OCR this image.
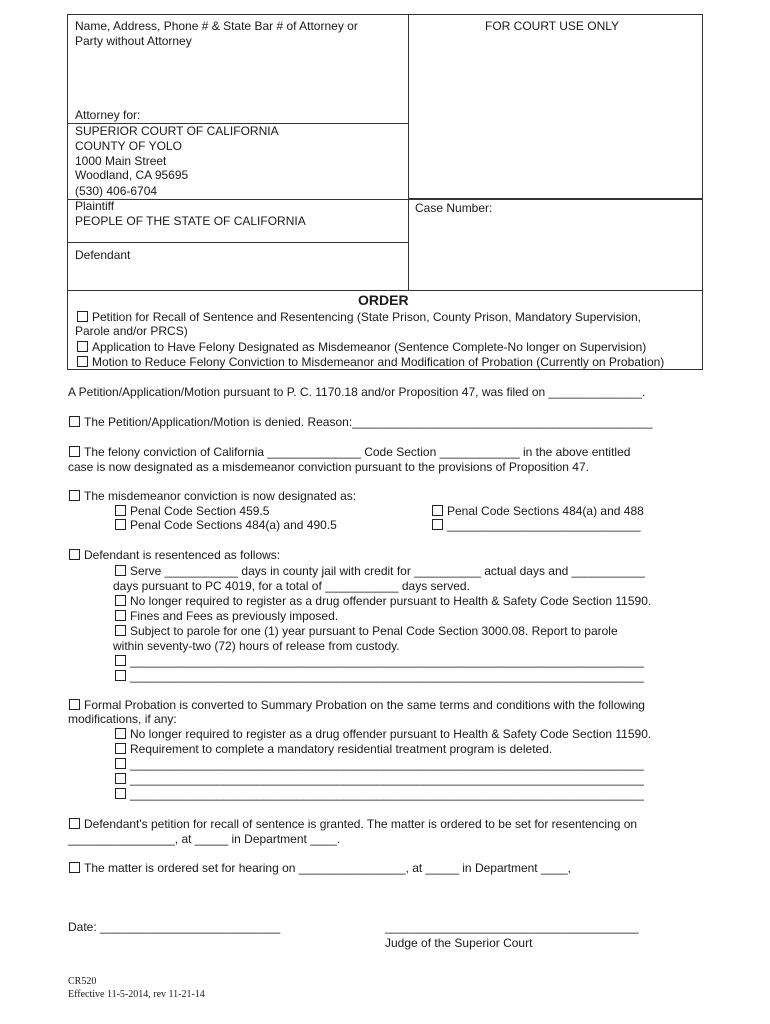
Name, Address, Phone # & State Bar # of Attorney or
Party without Attorney
FOR COURT USE ONLY
Attorney for:
SUPERIOR COURT OF CALIFORNIA
COUNTY OF YOLO
1000 Main Street
Woodland, CA 95695
(530) 406-6704
Plaintiff
PEOPLE OF THE STATE OF CALIFORNIA
Case Number:
Defendant
ORDER
Petition for Recall of Sentence and Resentencing (State Prison, County Prison, Mandatory Supervision,
Parole and/or PRCS)
Application to Have Felony Designated as Misdemeanor (Sentence Complete-No longer on Supervision)
Motion to Reduce Felony Conviction to Misdemeanor and Modification of Probation (Currently on Probation)
A Petition/Application/Motion pursuant to P. C. 1170.18 and/or Proposition 47, was filed on ______________.
The Petition/Application/Motion is denied. Reason:_____________________________________________
The felony conviction of California ______________ Code Section ____________ in the above entitled
case is now designated as a misdemeanor conviction pursuant to the provisions of Proposition 47.
The misdemeanor conviction is now designated as:
Penal Code Section 459.5	Penal Code Sections 484(a) and 488
Penal Code Sections 484(a) and 490.5	_____________________________
Defendant is resentenced as follows:
Serve ___________ days in county jail with credit for __________ actual days and ___________
days pursuant to PC 4019, for a total of ___________ days served.
No longer required to register as a drug offender pursuant to Health & Safety Code Section 11590.
Fines and Fees as previously imposed.
Subject to parole for one (1) year pursuant to Penal Code Section 3000.08. Report to parole
within seventy-two (72) hours of release from custody.
_____________________________________________________________________________
_____________________________________________________________________________
Formal Probation is converted to Summary Probation on the same terms and conditions with the following
modifications, if any:
No longer required to register as a drug offender pursuant to Health & Safety Code Section 11590.
Requirement to complete a mandatory residential treatment program is deleted.
_____________________________________________________________________________
_____________________________________________________________________________
_____________________________________________________________________________
Defendant's petition for recall of sentence is granted. The matter is ordered to be set for resentencing on
________________, at _____ in Department ____.
The matter is ordered set for hearing on ________________, at _____ in Department ____,
Date: ___________________________	______________________________________
Judge of the Superior Court
CR520
Effective 11-5-2014, rev 11-21-14
